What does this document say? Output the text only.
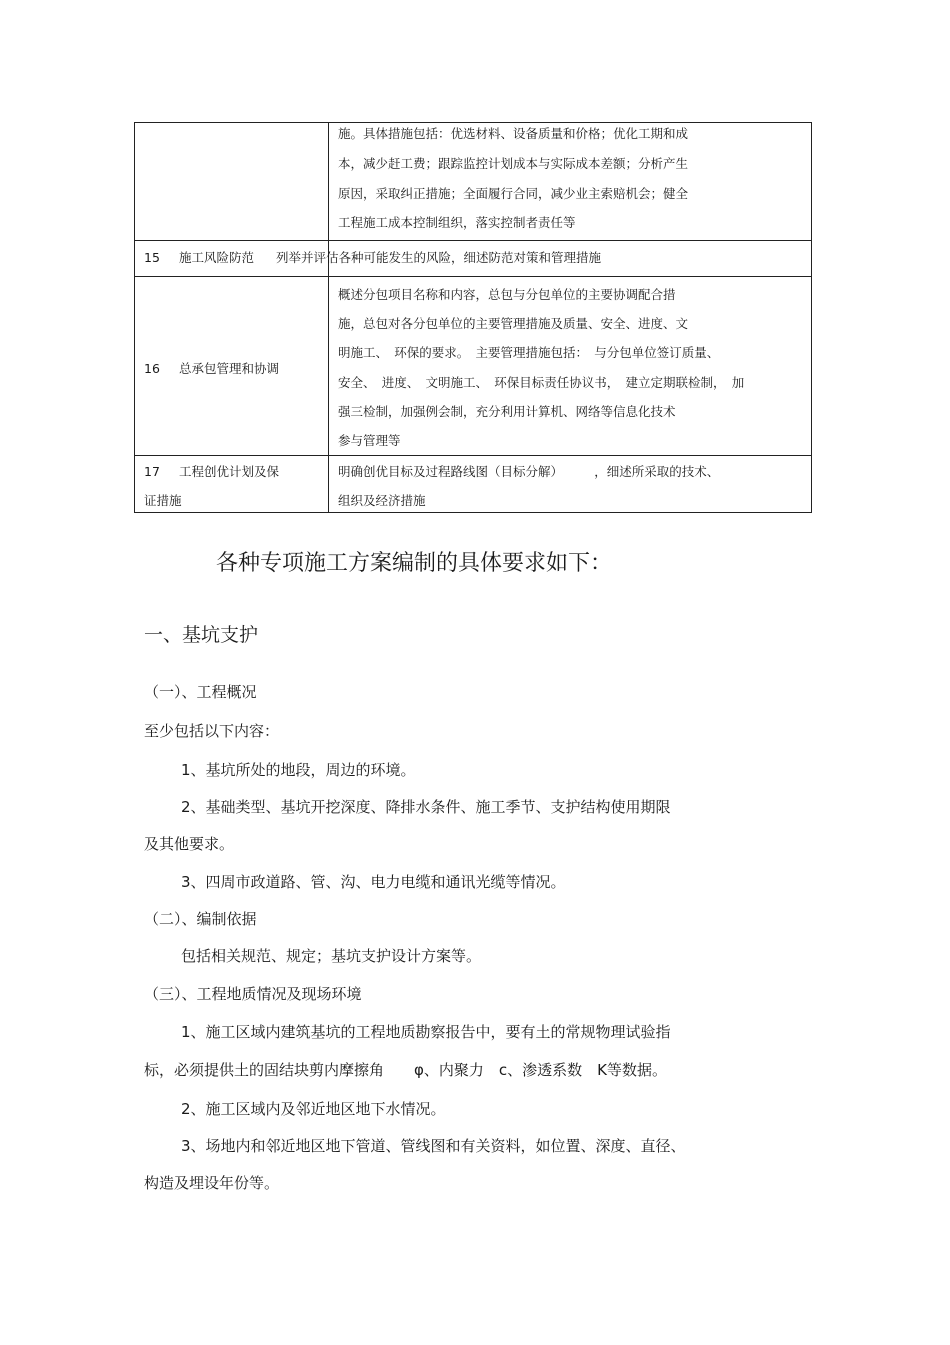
施。具体措施包括：优选材料、设备质量和价格；优化工期和成
本，减少赶工费；跟踪监控计划成本与实际成本差额；分析产生
原因，采取纠正措施；全面履行合同，减少业主索赔机会；健全
工程施工成本控制组织，落实控制者责任等
15 施工风险防范 列举并评估各种可能发生的风险，细述防范对策和管理措施
16 总承包管理和协调
概述分包项目名称和内容，总包与分包单位的主要协调配合措
施，总包对各分包单位的主要管理措施及质量、安全、进度、文
明施工、　环保的要求。　主要管理措施包括：　与分包单位签订质量、
安全、　进度、　文明施工、　环保目标责任协议书，　建立定期联检制，　加
强三检制，加强例会制，充分利用计算机、网络等信息化技术
参与管理等
17 工程创优计划及保
证措施
明确创优目标及过程路线图（目标分解）　　　，细述所采取的技术、
组织及经济措施
各种专项施工方案编制的具体要求如下：
一、基坑支护
（一）、工程概况
至少包括以下内容：
1、基坑所处的地段，周边的环境。
2、基础类型、基坑开挖深度、降排水条件、施工季节、支护结构使用期限
及其他要求。
3、四周市政道路、管、沟、电力电缆和通讯光缆等情况。
（二）、编制依据
包括相关规范、规定；基坑支护设计方案等。
（三）、工程地质情况及现场环境
1、施工区域内建筑基坑的工程地质勘察报告中，要有土的常规物理试验指
标，必须提供土的固结块剪内摩擦角　　φ、内聚力　c、渗透系数　K等数据。
2、施工区域内及邻近地区地下水情况。
3、场地内和邻近地区地下管道、管线图和有关资料，如位置、深度、直径、
构造及埋设年份等。
